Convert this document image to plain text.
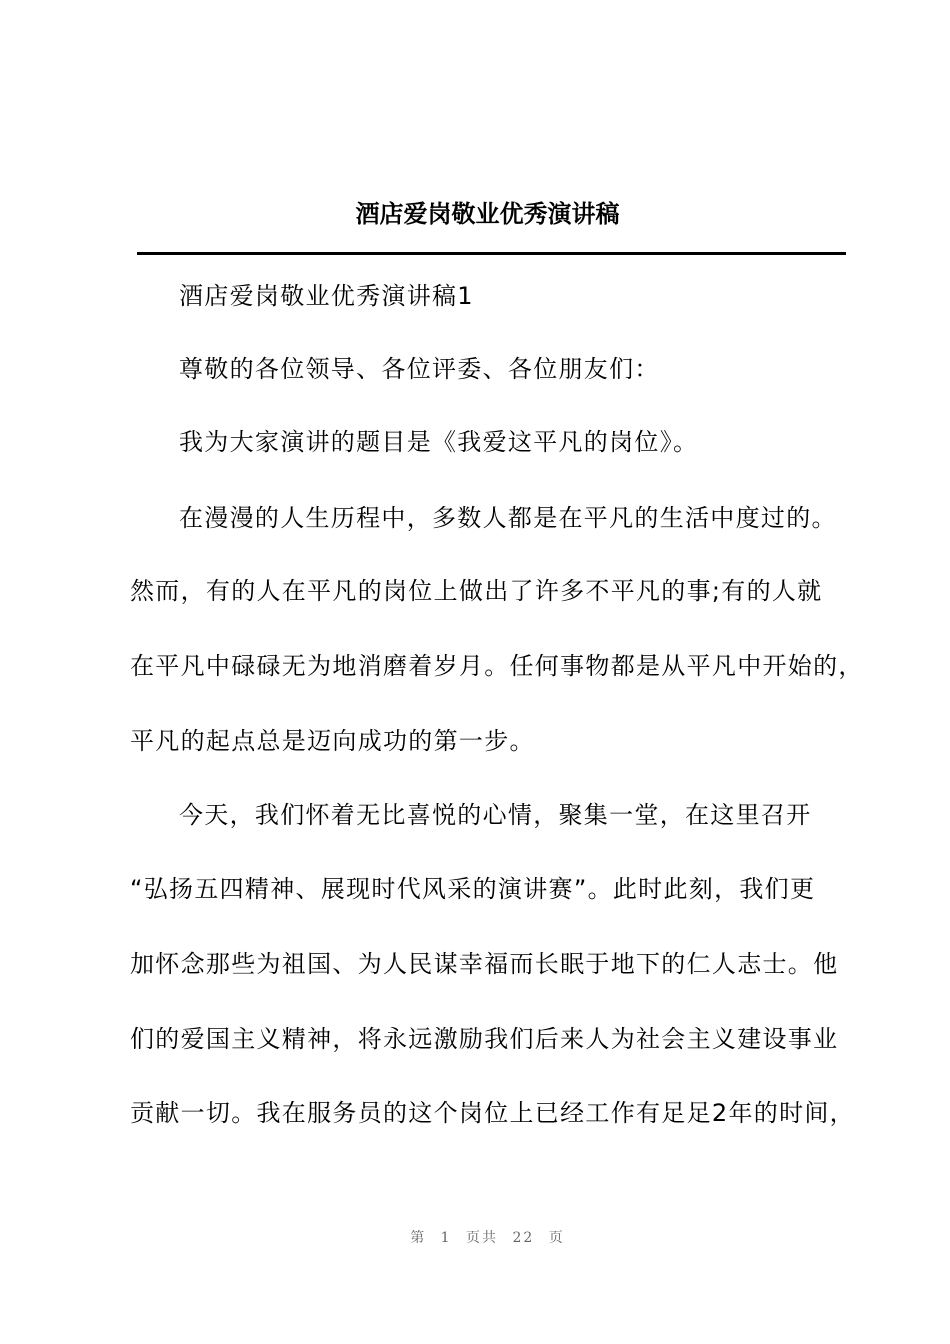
酒店爱岗敬业优秀演讲稿
酒店爱岗敬业优秀演讲稿1
尊敬的各位领导、各位评委、各位朋友们：
我为大家演讲的题目是《我爱这平凡的岗位》。
在漫漫的人生历程中，多数人都是在平凡的生活中度过的。
然而，有的人在平凡的岗位上做出了许多不平凡的事;有的人就
在平凡中碌碌无为地消磨着岁月。任何事物都是从平凡中开始的，
平凡的起点总是迈向成功的第一步。
今天，我们怀着无比喜悦的心情，聚集一堂，在这里召开
“弘扬五四精神、展现时代风采的演讲赛”。此时此刻，我们更
加怀念那些为祖国、为人民谋幸福而长眠于地下的仁人志士。他
们的爱国主义精神，将永远激励我们后来人为社会主义建设事业
贡献一切。我在服务员的这个岗位上已经工作有足足2年的时间，
第 1 页共 22 页
